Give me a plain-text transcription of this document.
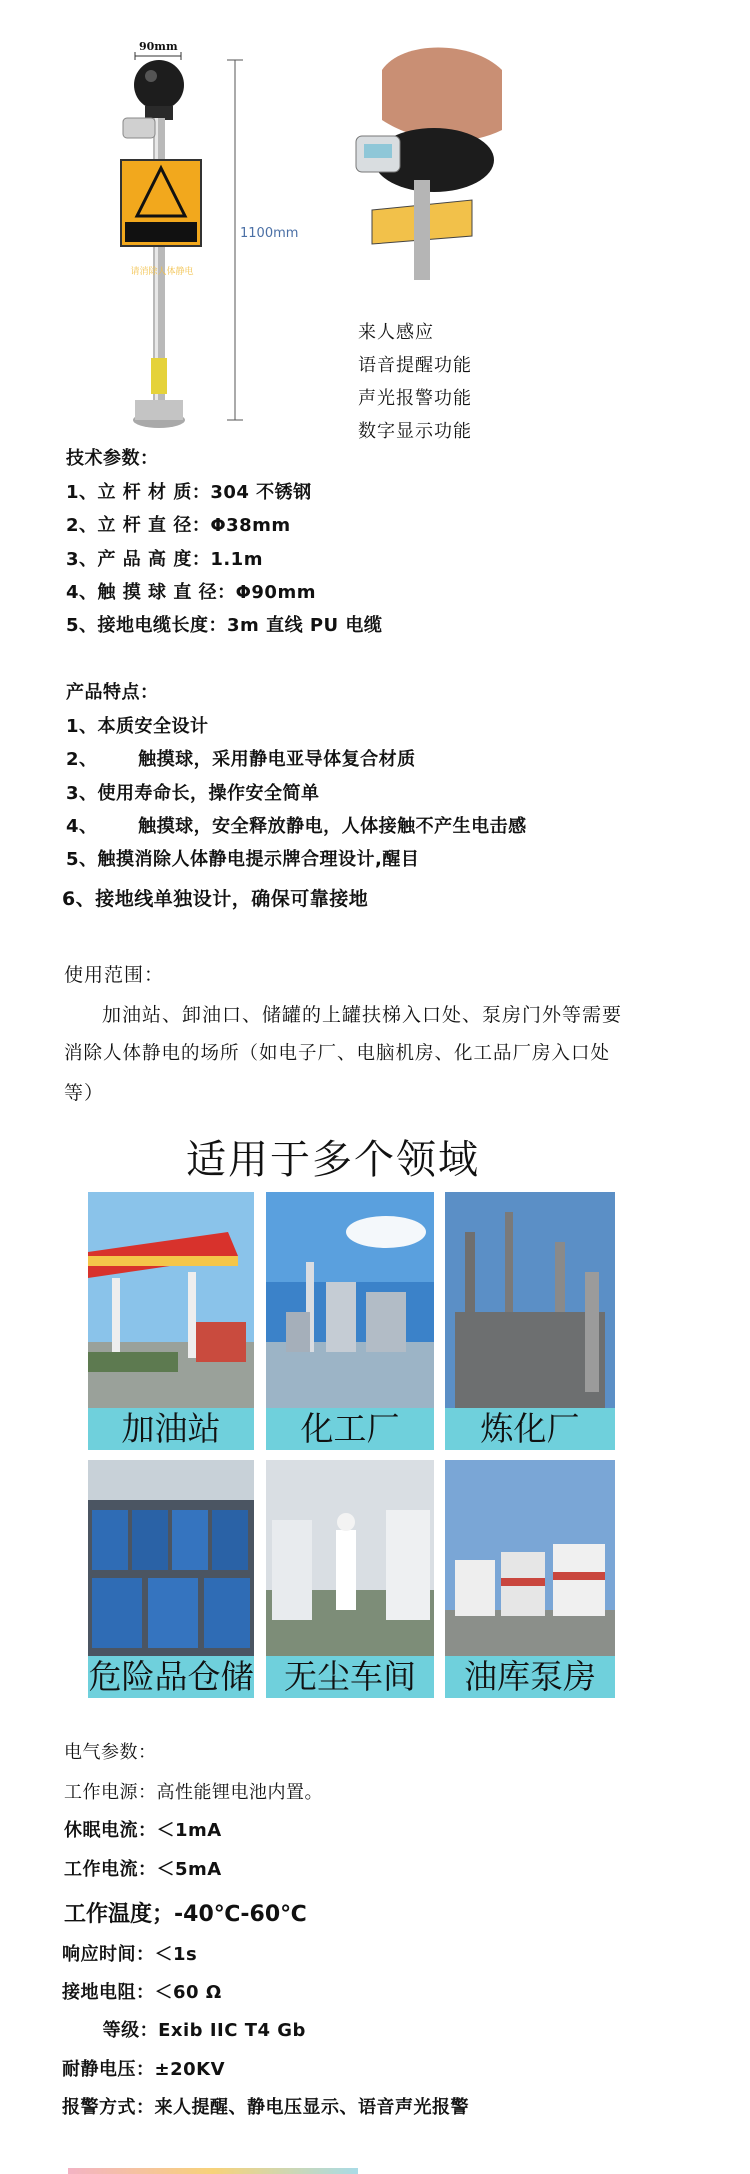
90mm
请消除人体静电
1100mm
来人感应
语音提醒功能
声光报警功能
数字显示功能
技术参数：
1、立 杆 材 质：304 不锈钢
2、立 杆 直 径：Φ38mm
3、产 品 高 度：1.1m
4、触 摸 球 直 径：Φ90mm
5、接地电缆长度：3m 直线 PU 电缆
产品特点：
1、本质安全设计
2、      触摸球，采用静电亚导体复合材质
3、使用寿命长，操作安全简单
4、      触摸球，安全释放静电，人体接触不产生电击感
5、触摸消除人体静电提示牌合理设计,醒目
6、接地线单独设计，确保可靠接地
使用范围：
加油站、卸油口、储罐的上罐扶梯入口处、泵房门外等需要
消除人体静电的场所（如电子厂、电脑机房、化工品厂房入口处
等）
适用于多个领域
加油站	化工厂	炼化厂
危险品仓储 无尘车间	油库泵房
电气参数：
工作电源：高性能锂电池内置。
休眠电流：＜1mA
工作电流：＜5mA
工作温度；-40℃-60℃
响应时间：＜1s
接地电阻：＜60 Ω
等级：Exib IIC T4 Gb
耐静电压：±20KV
报警方式：来人提醒、静电压显示、语音声光报警
